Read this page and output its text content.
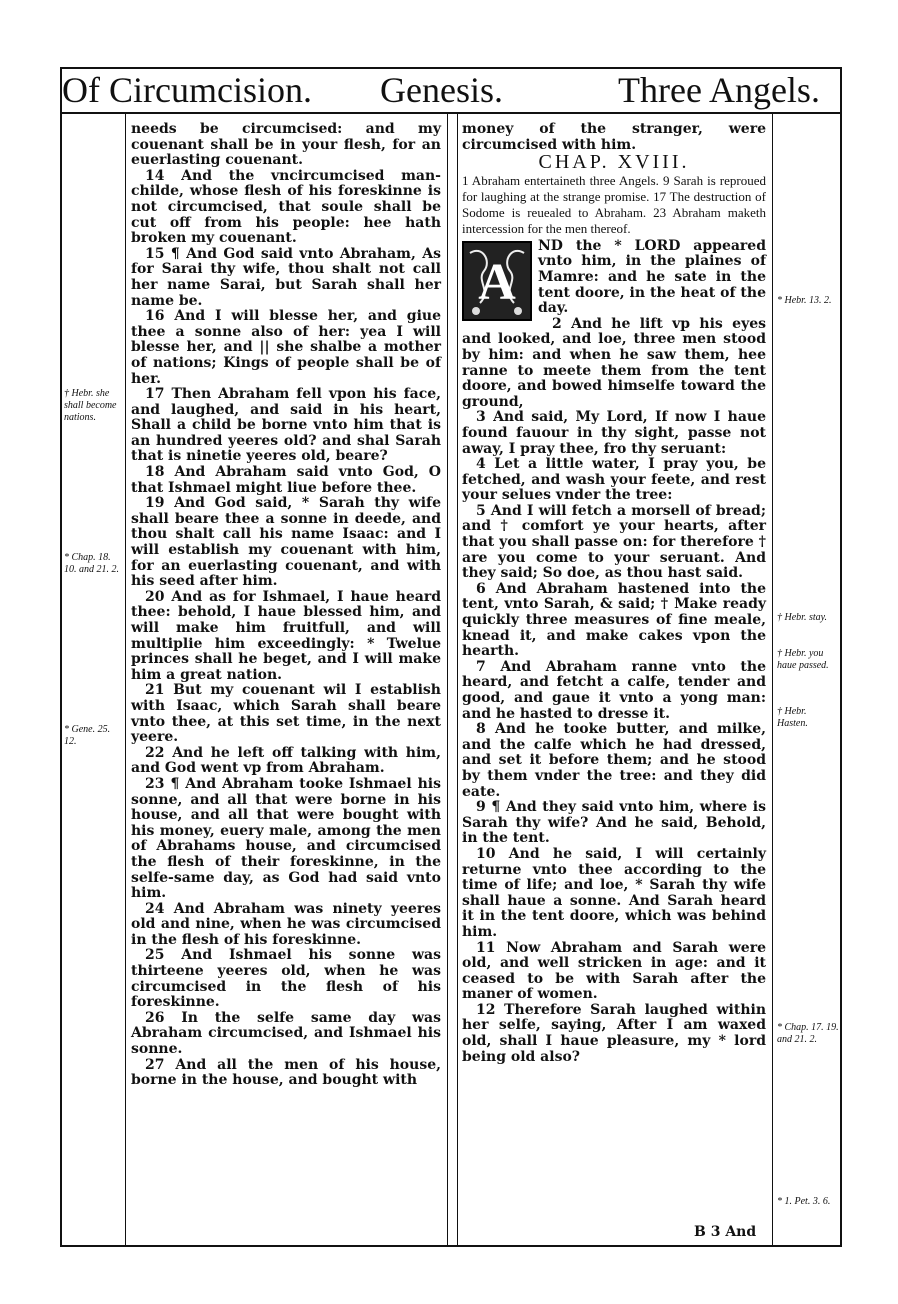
Of Circumcision. Genesis.	Three Angels.
† Hebr. she shall become nations.
* Chap. 18. 10. and 21. 2.
* Gene. 25. 12.

needs be circumcised: and my couenant shall be in your flesh, for an euerlasting couenant.

14 And the vncircumcised man-childe, whose flesh of his foreskinne is not circumcised, that soule shall be cut off from his people: hee hath broken my couenant.

15 ¶ And God said vnto Abraham, As for Sarai thy wife, thou shalt not call her name Sarai, but Sarah shall her name be.

16 And I will blesse her, and giue thee a sonne also of her: yea I will blesse her, and || she shalbe a mother of nations; Kings of people shall be of her.

17 Then Abraham fell vpon his face, and laughed, and said in his heart, Shall a child be borne vnto him that is an hundred yeeres old? and shal Sarah that is ninetie yeeres old, beare?

18 And Abraham said vnto God, O that Ishmael might liue before thee.

19 And God said, * Sarah thy wife shall beare thee a sonne in deede, and thou shalt call his name Isaac: and I will establish my couenant with him, for an euerlasting couenant, and with his seed after him.

20 And as for Ishmael, I haue heard thee: behold, I haue blessed him, and will make him fruitfull, and will multiplie him exceedingly: * Twelue princes shall he beget, and I will make him a great nation.

21 But my couenant wil I establish with Isaac, which Sarah shall beare vnto thee, at this set time, in the next yeere.

22 And he left off talking with him, and God went vp from Abraham.

23 ¶ And Abraham tooke Ishmael his sonne, and all that were borne in his house, and all that were bought with his money, euery male, among the men of Abrahams house, and circumcised the flesh of their foreskinne, in the selfe-same day, as God had said vnto him.

24 And Abraham was ninety yeeres old and nine, when he was circumcised in the flesh of his foreskinne.

25 And Ishmael his sonne was thirteene yeeres old, when he was circumcised in the flesh of his foreskinne.

26 In the selfe same day was Abraham circumcised, and Ishmael his sonne.

27 And all the men of his house, borne in the house, and bought with

money of the stranger, were circumcised with him.

CHAP. XVIII.
1 Abraham entertaineth three Angels. 9 Sarah is reproued for laughing at the strange promise. 17 The destruction of Sodome is reuealed to Abraham. 23 Abraham maketh intercession for the men thereof.
A

ND the * LORD appeared vnto him, in the plaines of Mamre: and he sate in the tent doore, in the heat of the day.

2 And he lift vp his eyes and looked, and loe, three men stood by him: and when he saw them, hee ranne to meete them from the tent doore, and bowed himselfe toward the ground,

3 And said, My Lord, If now I haue found fauour in thy sight, passe not away, I pray thee, fro thy seruant:

4 Let a little water, I pray you, be fetched, and wash your feete, and rest your selues vnder the tree:

5 And I will fetch a morsell of bread; and † comfort ye your hearts, after that you shall passe on: for therefore † are you come to your seruant. And they said; So doe, as thou hast said.

6 And Abraham hastened into the tent, vnto Sarah, & said; † Make ready quickly three measures of fine meale, knead it, and make cakes vpon the hearth.

7 And Abraham ranne vnto the heard, and fetcht a calfe, tender and good, and gaue it vnto a yong man: and he hasted to dresse it.

8 And he tooke butter, and milke, and the calfe which he had dressed, and set it before them; and he stood by them vnder the tree: and they did eate.

9 ¶ And they said vnto him, where is Sarah thy wife? And he said, Behold, in the tent.

10 And he said, I will certainly returne vnto thee according to the time of life; and loe, * Sarah thy wife shall haue a sonne. And Sarah heard it in the tent doore, which was behind him.

11 Now Abraham and Sarah were old, and well stricken in age: and it ceased to be with Sarah after the maner of women.

12 Therefore Sarah laughed within her selfe, saying, After I am waxed old, shall I haue pleasure, my * lord being old also?

B 3 And
* Hebr. 13. 2.
† Hebr. stay.
† Hebr. you haue passed.
† Hebr. Hasten.
* Chap. 17. 19. and 21. 2.
* 1. Pet. 3. 6.
